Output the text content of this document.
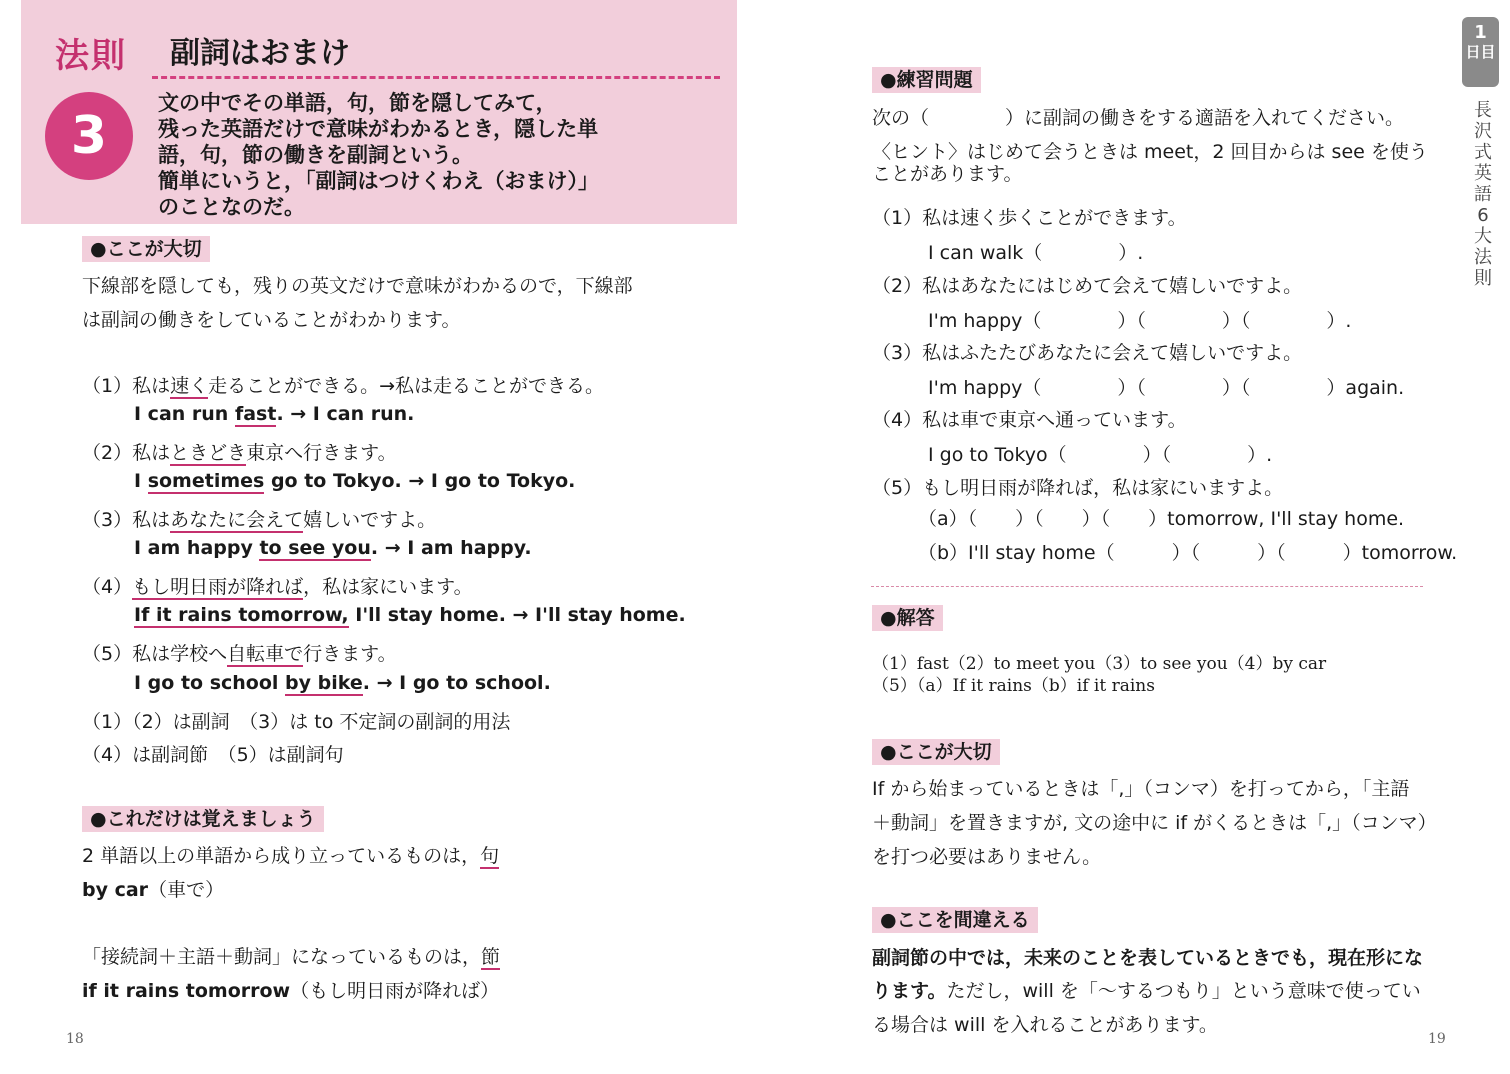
法則 副詞はおまけ
3
文の中でその単語，句，節を隠してみて，
残った英語だけで意味がわかるとき，隠した単
語，句，節の働きを副詞という。
簡単にいうと，「副詞はつけくわえ（おまけ）」
のことなのだ。
●ここが大切
下線部を隠しても，残りの英文だけで意味がわかるので，下線部
は副詞の働きをしていることがわかります。
（1）私は速く走ることができる。→私は走ることができる。
I can run fast. → I can run.
（2）私はときどき東京へ行きます。
I sometimes go to Tokyo. → I go to Tokyo.
（3）私はあなたに会えて嬉しいですよ。
I am happy to see you. → I am happy.
（4）もし明日雨が降れば，私は家にいます。
If it rains tomorrow, I'll stay home. → I'll stay home.
（5）私は学校へ自転車で行きます。
I go to school by bike. → I go to school.
（1）（2）は副詞　（3）は to 不定詞の副詞的用法
（4）は副詞節　（5）は副詞句
●これだけは覚えましょう
2 単語以上の単語から成り立っているものは，句
by car（車で）
「接続詞＋主語＋動詞」になっているものは，節
if it rains tomorrow（もし明日雨が降れば）
18
●練習問題
次の（　　　　）に副詞の働きをする適語を入れてください。
〈ヒント〉はじめて会うときは meet，2 回目からは see を使う
ことがあります。
（1）私は速く歩くことができます。
I can walk（　　　　）.
（2）私はあなたにはじめて会えて嬉しいですよ。
I'm happy（　　　　）（　　　　）（　　　　）.
（3）私はふたたびあなたに会えて嬉しいですよ。
I'm happy（　　　　）（　　　　）（　　　　）again.
（4）私は車で東京へ通っています。
I go to Tokyo（　　　　）（　　　　）.
（5）もし明日雨が降れば，私は家にいますよ。
（a）（　　）（　　）（　　）tomorrow, I'll stay home.
（b）I'll stay home（　　　）（　　　）（　　　）tomorrow.
●解答
（1）fast（2）to meet you（3）to see you（4）by car
（5）（a）If it rains（b）if it rains
●ここが大切
If から始まっているときは「,」（コンマ）を打ってから，「主語
＋動詞」を置きますが, 文の途中に if がくるときは「,」（コンマ）
を打つ必要はありません。
●ここを間違える
副詞節の中では，未来のことを表しているときでも，現在形にな
ります。ただし，will を「〜するつもり」という意味で使ってい
る場合は will を入れることがあります。
19
1
日目
長沢式英語6大法則
